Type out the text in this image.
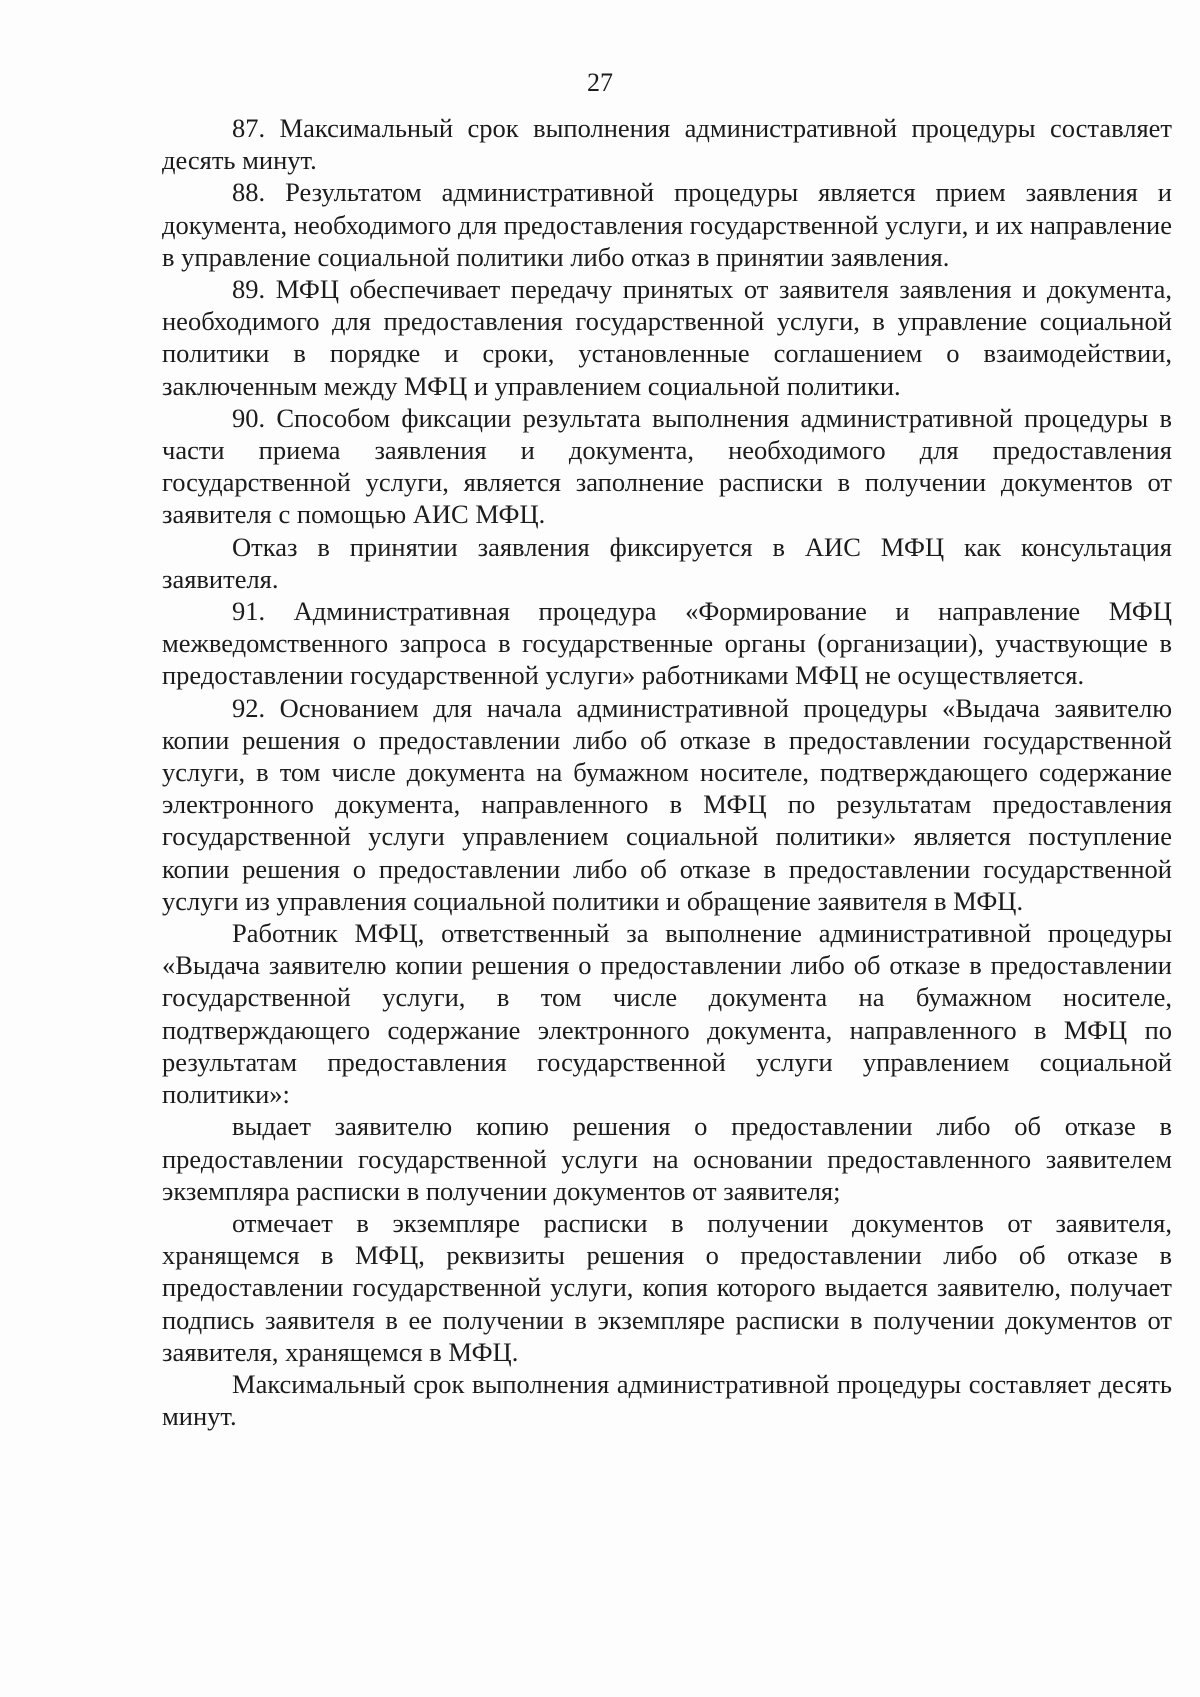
27

87. Максимальный срок выполнения административной процедуры составляет десять минут.

88. Результатом административной процедуры является прием заявления и документа, необходимого для предоставления государственной услуги, и их направление в управление социальной политики либо отказ в принятии заявления.

89. МФЦ обеспечивает передачу принятых от заявителя заявления и документа, необходимого для предоставления государственной услуги, в управление социальной политики в порядке и сроки, установленные соглашением о взаимодействии, заключенным между МФЦ и управлением социальной политики.

90. Способом фиксации результата выполнения административной процедуры в части приема заявления и документа, необходимого для предоставления государственной услуги, является заполнение расписки в получении документов от заявителя с помощью АИС МФЦ.

Отказ в принятии заявления фиксируется в АИС МФЦ как консультация заявителя.

91. Административная процедура «Формирование и направление МФЦ межведомственного запроса в государственные органы (организации), участвующие в предоставлении государственной услуги» работниками МФЦ не осуществляется.

92. Основанием для начала административной процедуры «Выдача заявителю копии решения о предоставлении либо об отказе в предоставлении государственной услуги, в том числе документа на бумажном носителе, подтверждающего содержание электронного документа, направленного в МФЦ по результатам предоставления государственной услуги управлением социальной политики» является поступление копии решения о предоставлении либо об отказе в предоставлении государственной услуги из управления социальной политики и обращение заявителя в МФЦ.

Работник МФЦ, ответственный за выполнение административной процедуры «Выдача заявителю копии решения о предоставлении либо об отказе в предоставлении государственной услуги, в том числе документа на бумажном носителе, подтверждающего содержание электронного документа, направленного в МФЦ по результатам предоставления государственной услуги управлением социальной политики»:

выдает заявителю копию решения о предоставлении либо об отказе в предоставлении государственной услуги на основании предоставленного заявителем экземпляра расписки в получении документов от заявителя;

отмечает в экземпляре расписки в получении документов от заявителя, хранящемся в МФЦ, реквизиты решения о предоставлении либо об отказе в предоставлении государственной услуги, копия которого выдается заявителю, получает подпись заявителя в ее получении в экземпляре расписки в получении документов от заявителя, хранящемся в МФЦ.

Максимальный срок выполнения административной процедуры составляет десять минут.
